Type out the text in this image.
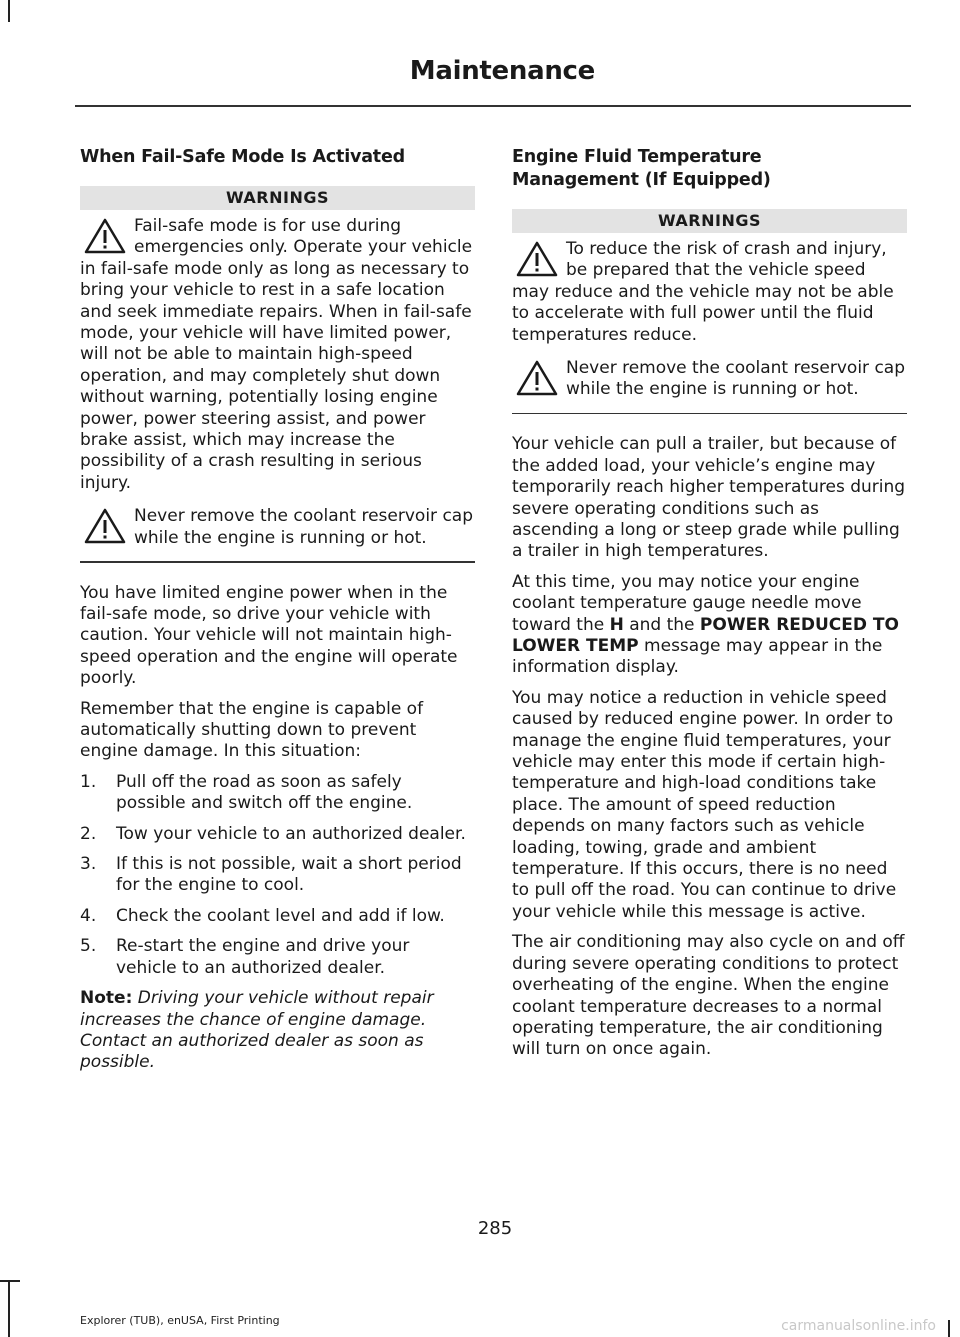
Maintenance
When Fail-Safe Mode Is Activated
WARNINGS
Fail-safe mode is for use during emergencies only. Operate your vehicle in fail-safe mode only as long as necessary to bring your vehicle to rest in a safe location and seek immediate repairs. When in fail-safe mode, your vehicle will have limited power, will not be able to maintain high-speed operation, and may completely shut down without warning, potentially losing engine power, power steering assist, and power brake assist, which may increase the possibility of a crash resulting in serious injury.
Never remove the coolant reservoir cap while the engine is running or hot.

You have limited engine power when in the fail-safe mode, so drive your vehicle with caution. Your vehicle will not maintain high-speed operation and the engine will operate poorly.

Remember that the engine is capable of automatically shutting down to prevent engine damage. In this situation:

1. Pull off the road as soon as safely possible and switch off the engine.
2. Tow your vehicle to an authorized dealer.
3. If this is not possible, wait a short period for the engine to cool.
4. Check the coolant level and add if low.
5. Re-start the engine and drive your vehicle to an authorized dealer.

Note: Driving your vehicle without repair increases the chance of engine damage. Contact an authorized dealer as soon as possible.

Engine Fluid Temperature Management (If Equipped)
WARNINGS
To reduce the risk of crash and injury, be prepared that the vehicle speed may reduce and the vehicle may not be able to accelerate with full power until the fluid temperatures reduce.
Never remove the coolant reservoir cap while the engine is running or hot.

Your vehicle can pull a trailer, but because of the added load, your vehicle’s engine may temporarily reach higher temperatures during severe operating conditions such as ascending a long or steep grade while pulling a trailer in high temperatures.

At this time, you may notice your engine coolant temperature gauge needle move toward the H and the POWER REDUCED TO LOWER TEMP message may appear in the information display.

You may notice a reduction in vehicle speed caused by reduced engine power. In order to manage the engine fluid temperatures, your vehicle may enter this mode if certain high-temperature and high-load conditions take place. The amount of speed reduction depends on many factors such as vehicle loading, towing, grade and ambient temperature. If this occurs, there is no need to pull off the road. You can continue to drive your vehicle while this message is active.

The air conditioning may also cycle on and off during severe operating conditions to protect overheating of the engine. When the engine coolant temperature decreases to a normal operating temperature, the air conditioning will turn on once again.

285
Explorer (TUB), enUSA, First Printing	carmanualsonline.info
